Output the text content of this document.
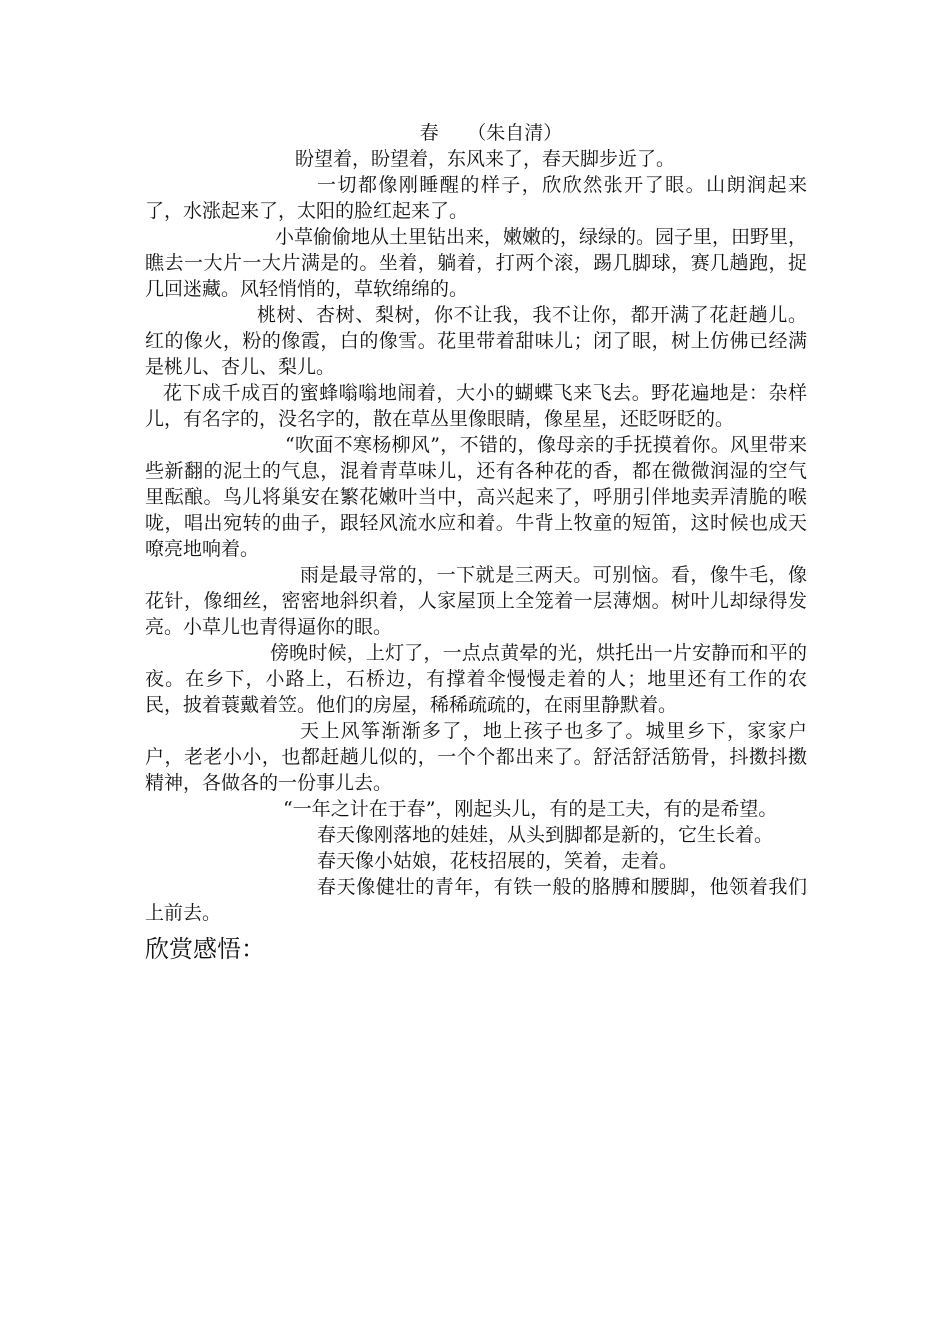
春　　（朱自清）

盼望着，盼望着，东风来了，春天脚步近了。

一切都像刚睡醒的样子，欣欣然张开了眼。山朗润起来了，水涨起来了，太阳的脸红起来了。

小草偷偷地从土里钻出来，嫩嫩的，绿绿的。园子里，田野里，瞧去一大片一大片满是的。坐着，躺着，打两个滚，踢几脚球，赛几趟跑，捉几回迷藏。风轻悄悄的，草软绵绵的。

桃树、杏树、梨树，你不让我，我不让你，都开满了花赶趟儿。红的像火，粉的像霞，白的像雪。花里带着甜味儿；闭了眼，树上仿佛已经满是桃儿、杏儿、梨儿。

花下成千成百的蜜蜂嗡嗡地闹着，大小的蝴蝶飞来飞去。野花遍地是：杂样儿，有名字的，没名字的，散在草丛里像眼睛，像星星，还眨呀眨的。

“吹面不寒杨柳风”，不错的，像母亲的手抚摸着你。风里带来些新翻的泥土的气息，混着青草味儿，还有各种花的香，都在微微润湿的空气里酝酿。鸟儿将巢安在繁花嫩叶当中，高兴起来了，呼朋引伴地卖弄清脆的喉咙，唱出宛转的曲子，跟轻风流水应和着。牛背上牧童的短笛，这时候也成天嘹亮地响着。

雨是最寻常的，一下就是三两天。可别恼。看，像牛毛，像花针，像细丝，密密地斜织着，人家屋顶上全笼着一层薄烟。树叶儿却绿得发亮。小草儿也青得逼你的眼。

傍晚时候，上灯了，一点点黄晕的光，烘托出一片安静而和平的夜。在乡下，小路上，石桥边，有撑着伞慢慢走着的人；地里还有工作的农民，披着蓑戴着笠。他们的房屋，稀稀疏疏的，在雨里静默着。

天上风筝渐渐多了，地上孩子也多了。城里乡下，家家户户，老老小小，也都赶趟儿似的，一个个都出来了。舒活舒活筋骨，抖擞抖擞精神，各做各的一份事儿去。

“一年之计在于春”，刚起头儿，有的是工夫，有的是希望。

春天像刚落地的娃娃，从头到脚都是新的，它生长着。

春天像小姑娘，花枝招展的，笑着，走着。

春天像健壮的青年，有铁一般的胳膊和腰脚，他领着我们上前去。

欣赏感悟：
